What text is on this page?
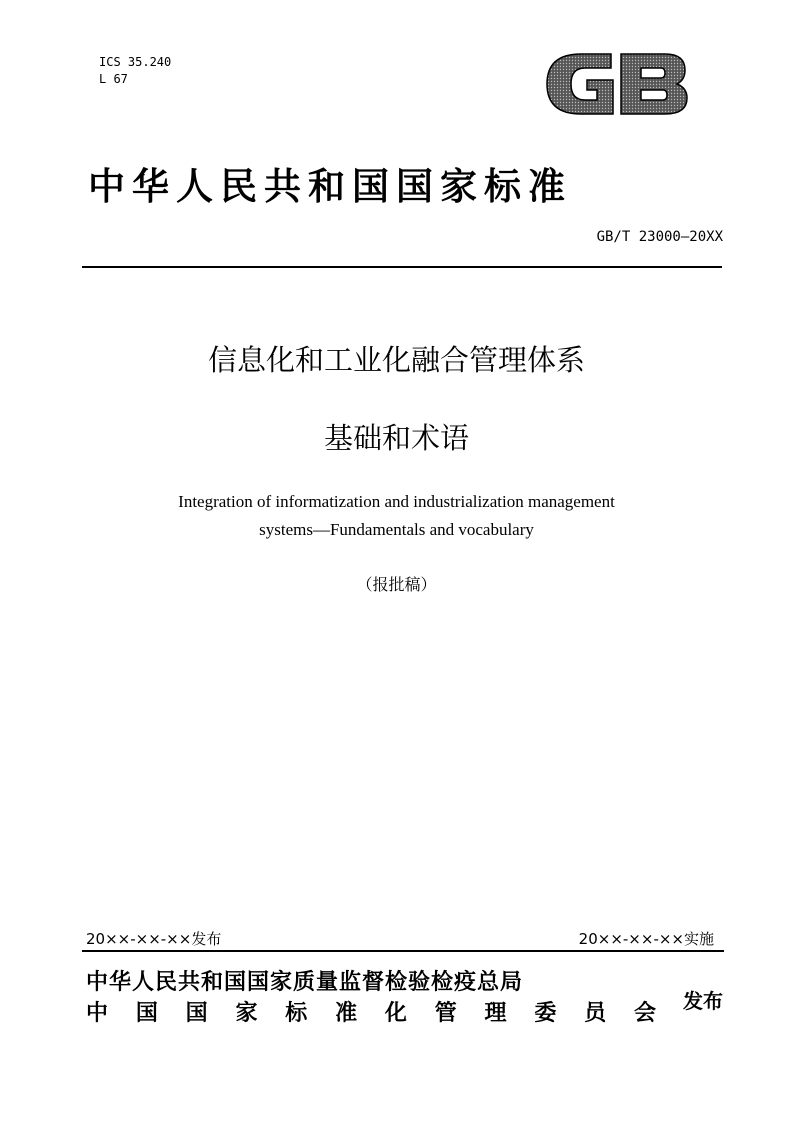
ICS 35.240
L 67
中华人民共和国国家标准
GB/T 23000—20XX
信息化和工业化融合管理体系
基础和术语
Integration of informatization and industrialization management
systems—Fundamentals and vocabulary
（报批稿）
20××-××-××发布	20××-××-××实施
中华人民共和国国家质量监督检验检疫总局
中 国 国 家 标 准 化 管 理 委 员 会 发布
